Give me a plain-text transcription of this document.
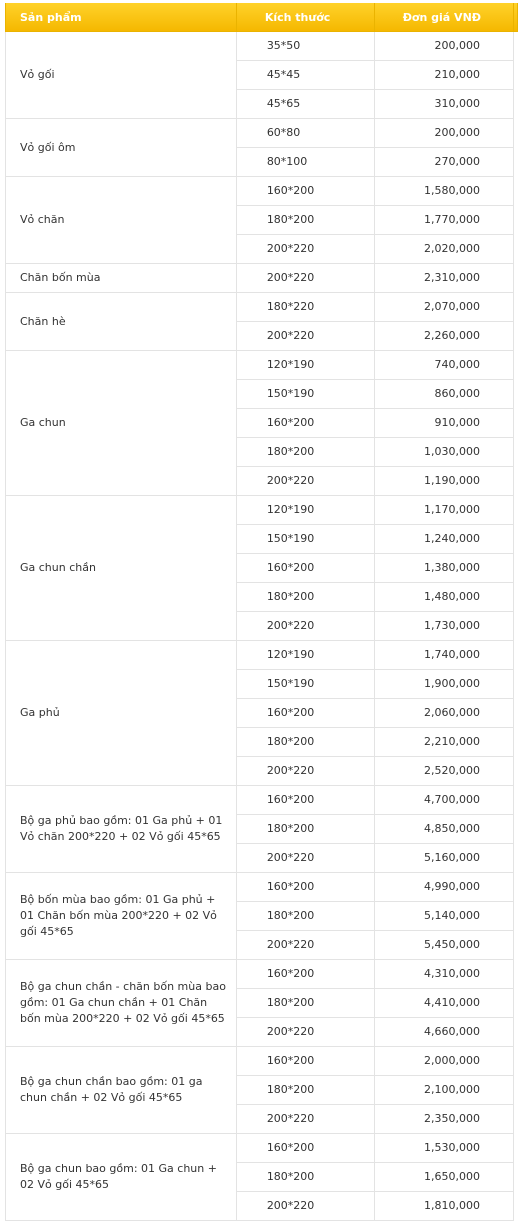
Sản phẩm	Kích thước	Đơn giá VNĐ	
Vỏ gối	35*50	200,000	
	45*45	210,000	
	45*65	310,000	
Vỏ gối ôm	60*80	200,000	
	80*100	270,000	
Vỏ chăn	160*200	1,580,000	
	180*200	1,770,000	
	200*220	2,020,000	
Chăn bốn mùa	200*220	2,310,000	
Chăn hè	180*220	2,070,000	
	200*220	2,260,000	
Ga chun	120*190	740,000	
	150*190	860,000	
	160*200	910,000	
	180*200	1,030,000	
	200*220	1,190,000	
Ga chun chần	120*190	1,170,000	
	150*190	1,240,000	
	160*200	1,380,000	
	180*200	1,480,000	
	200*220	1,730,000	
Ga phủ	120*190	1,740,000	
	150*190	1,900,000	
	160*200	2,060,000	
	180*200	2,210,000	
	200*220	2,520,000	
Bộ ga phủ bao gồm: 01 Ga phủ + 01 Vỏ chăn 200*220 + 02 Vỏ gối 45*65	160*200	4,700,000	
	180*200	4,850,000	
	200*220	5,160,000	
Bộ bốn mùa bao gồm: 01 Ga phủ + 01 Chăn bốn mùa 200*220 + 02 Vỏ gối 45*65	160*200	4,990,000	
	180*200	5,140,000	
	200*220	5,450,000	
Bộ ga chun chần - chăn bốn mùa bao gồm: 01 Ga chun chần + 01 Chăn bốn mùa 200*220 + 02 Vỏ gối 45*65	160*200	4,310,000	
	180*200	4,410,000	
	200*220	4,660,000	
Bộ ga chun chần bao gồm: 01 ga chun chần + 02 Vỏ gối 45*65	160*200	2,000,000	
	180*200	2,100,000	
	200*220	2,350,000	
Bộ ga chun bao gồm: 01 Ga chun + 02 Vỏ gối 45*65	160*200	1,530,000	
	180*200	1,650,000	
	200*220	1,810,000	
